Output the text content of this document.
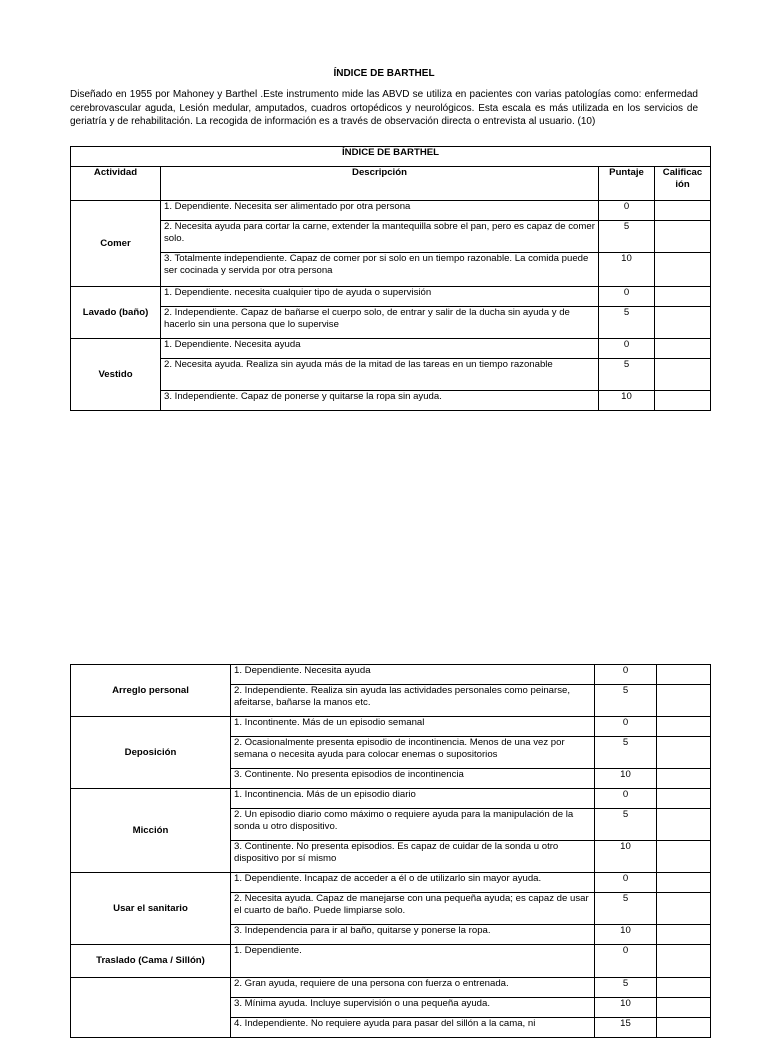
ÍNDICE DE BARTHEL
Diseñado en 1955 por Mahoney y Barthel .Este instrumento mide las ABVD se utiliza en pacientes con varias patologías como: enfermedad cerebrovascular aguda, Lesión medular, amputados, cuadros ortopédicos y neurológicos. Esta escala es más utilizada en los servicios de geriatría y de rehabilitación. La recogida de información es a través de observación directa o entrevista al usuario. (10)
ÍNDICE DE BARTHEL			
Actividad	Descripción	Puntaje	Calificac ión
Comer	1. Dependiente. Necesita ser alimentado por otra persona	0	
	2. Necesita ayuda para cortar la carne, extender la mantequilla sobre el pan, pero es capaz de comer solo.	5	
	3. Totalmente independiente. Capaz de comer por si solo en un tiempo razonable. La comida puede ser cocinada y servida por otra persona	10	
Lavado (baño)	1. Dependiente. necesita cualquier tipo de ayuda o supervisión	0	
	2. Independiente. Capaz de bañarse el cuerpo solo, de entrar y salir de la ducha sin ayuda y de hacerlo sin una persona que lo supervise	5	
Vestido	1. Dependiente. Necesita ayuda	0	
	2. Necesita ayuda. Realiza sin ayuda más de la mitad de las tareas en un tiempo razonable	5	
	3. Independiente. Capaz de ponerse y quitarse la ropa sin ayuda.	10	
Arreglo personal	1. Dependiente. Necesita ayuda	0	
	2. Independiente. Realiza sin ayuda las actividades personales como peinarse, afeitarse, bañarse la manos etc.	5	
Deposición	1. Incontinente. Más de un episodio semanal	0	
	2. Ocasionalmente presenta episodio de incontinencia. Menos de una vez por semana o necesita ayuda para colocar enemas o supositorios	5	
	3. Continente. No presenta episodios de incontinencia	10	
Micción	1. Incontinencia. Más de un episodio diario	0	
	2. Un episodio diario como máximo o requiere ayuda para la manipulación de la sonda u otro dispositivo.	5	
	3. Continente. No presenta episodios. Es capaz de cuidar de la sonda u otro dispositivo por sí mismo	10	
Usar el sanitario	1. Dependiente. Incapaz de acceder a él o de utilizarlo sin mayor ayuda.	0	
	2. Necesita ayuda. Capaz de manejarse con una pequeña ayuda; es capaz de usar el cuarto de baño. Puede limpiarse solo.	5	
	3. Independencia para ir al baño, quitarse y ponerse la ropa.	10	
Traslado (Cama / Sillón)	1. Dependiente.	0	
	2. Gran ayuda, requiere de una persona con fuerza o entrenada.	5	
	3. Mínima ayuda. Incluye supervisión o una pequeña ayuda.	10	
	4. Independiente. No requiere ayuda para pasar del sillón a la cama, ni	15	
